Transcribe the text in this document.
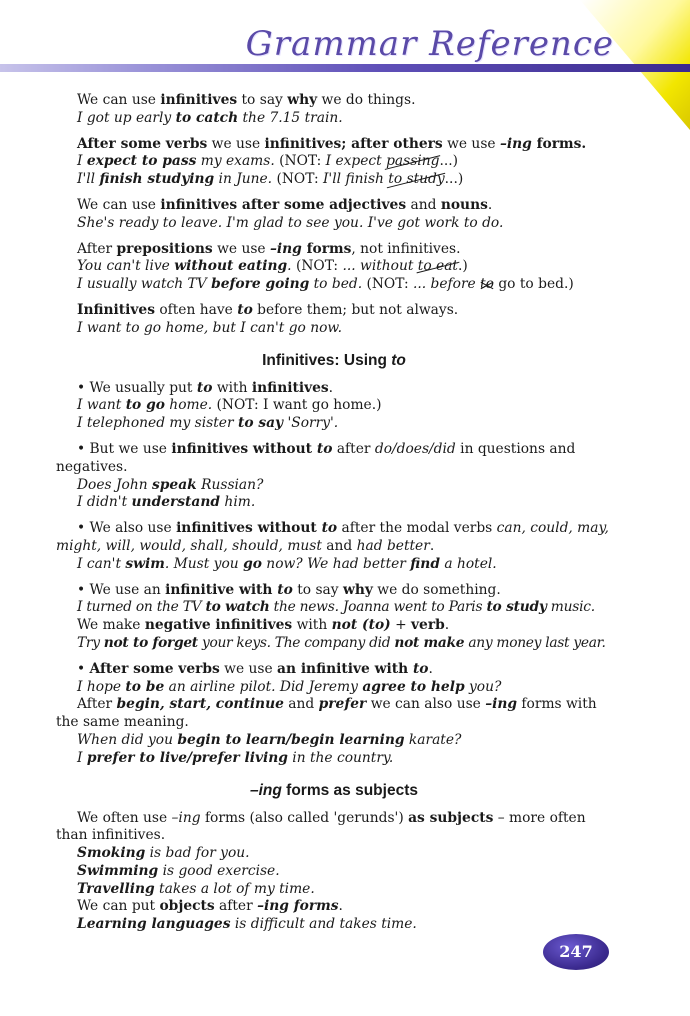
Grammar Reference
We can use infinitives to say why we do things.
I got up early to catch the 7.15 train.
After some verbs we use infinitives; after others we use –ing forms.
I expect to pass my exams. (NOT: I expect passing...)
I'll finish studying in June. (NOT: I'll finish to study...)
We can use infinitives after some adjectives and nouns.
She's ready to leave. I'm glad to see you. I've got work to do.
After prepositions we use –ing forms, not infinitives.
You can't live without eating. (NOT: ... without to eat.)
I usually watch TV before going to bed. (NOT: ... before to go to bed.)
Infinitives often have to before them; but not always.
I want to go home, but I can't go now.
Infinitives: Using to
• We usually put to with infinitives.
I want to go home. (NOT: I want go home.)
I telephoned my sister to say 'Sorry'.
• But we use infinitives without to after do/does/did in questions and negatives.
Does John speak Russian?
I didn't understand him.
• We also use infinitives without to after the modal verbs can, could, may, might, will, would, shall, should, must and had better.
I can't swim. Must you go now? We had better find a hotel.
• We use an infinitive with to to say why we do something.
I turned on the TV to watch the news. Joanna went to Paris to study music.
We make negative infinitives with not (to) + verb.
Try not to forget your keys. The company did not make any money last year.
• After some verbs we use an infinitive with to.
I hope to be an airline pilot. Did Jeremy agree to help you?
After begin, start, continue and prefer we can also use –ing forms with the same meaning.
When did you begin to learn/begin learning karate?
I prefer to live/prefer living in the country.
–ing forms as subjects
We often use –ing forms (also called 'gerunds') as subjects – more often than infinitives.
Smoking is bad for you.
Swimming is good exercise.
Travelling takes a lot of my time.
We can put objects after –ing forms.
Learning languages is difficult and takes time.
247
